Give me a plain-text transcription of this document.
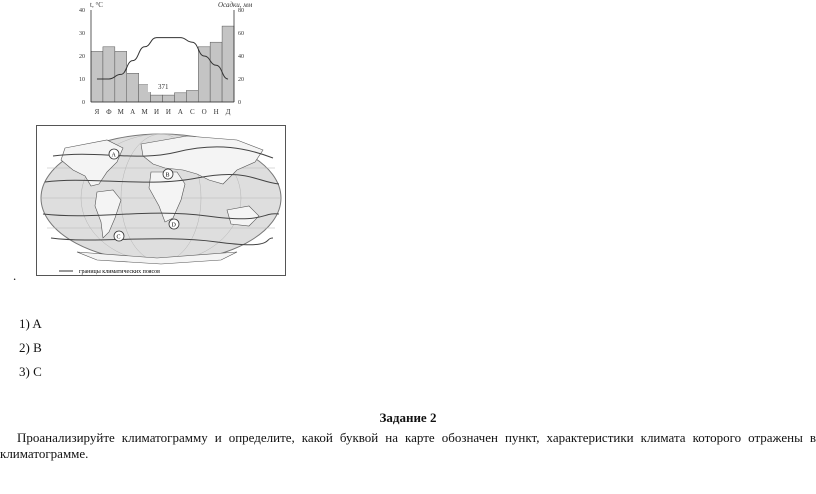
t, °C	Осадки, мм
40
30
20
10
0
80
60
40
20
0
371
Я Ф М А М И И А С О Н Д
A
B
C
D
границы климатических поясов
.
1) A
2) B
3) C
Задание 2
Проанализируйте климатограмму и определите, какой буквой на карте обозначен пункт, характеристики климата которого отражены в климатограмме.
